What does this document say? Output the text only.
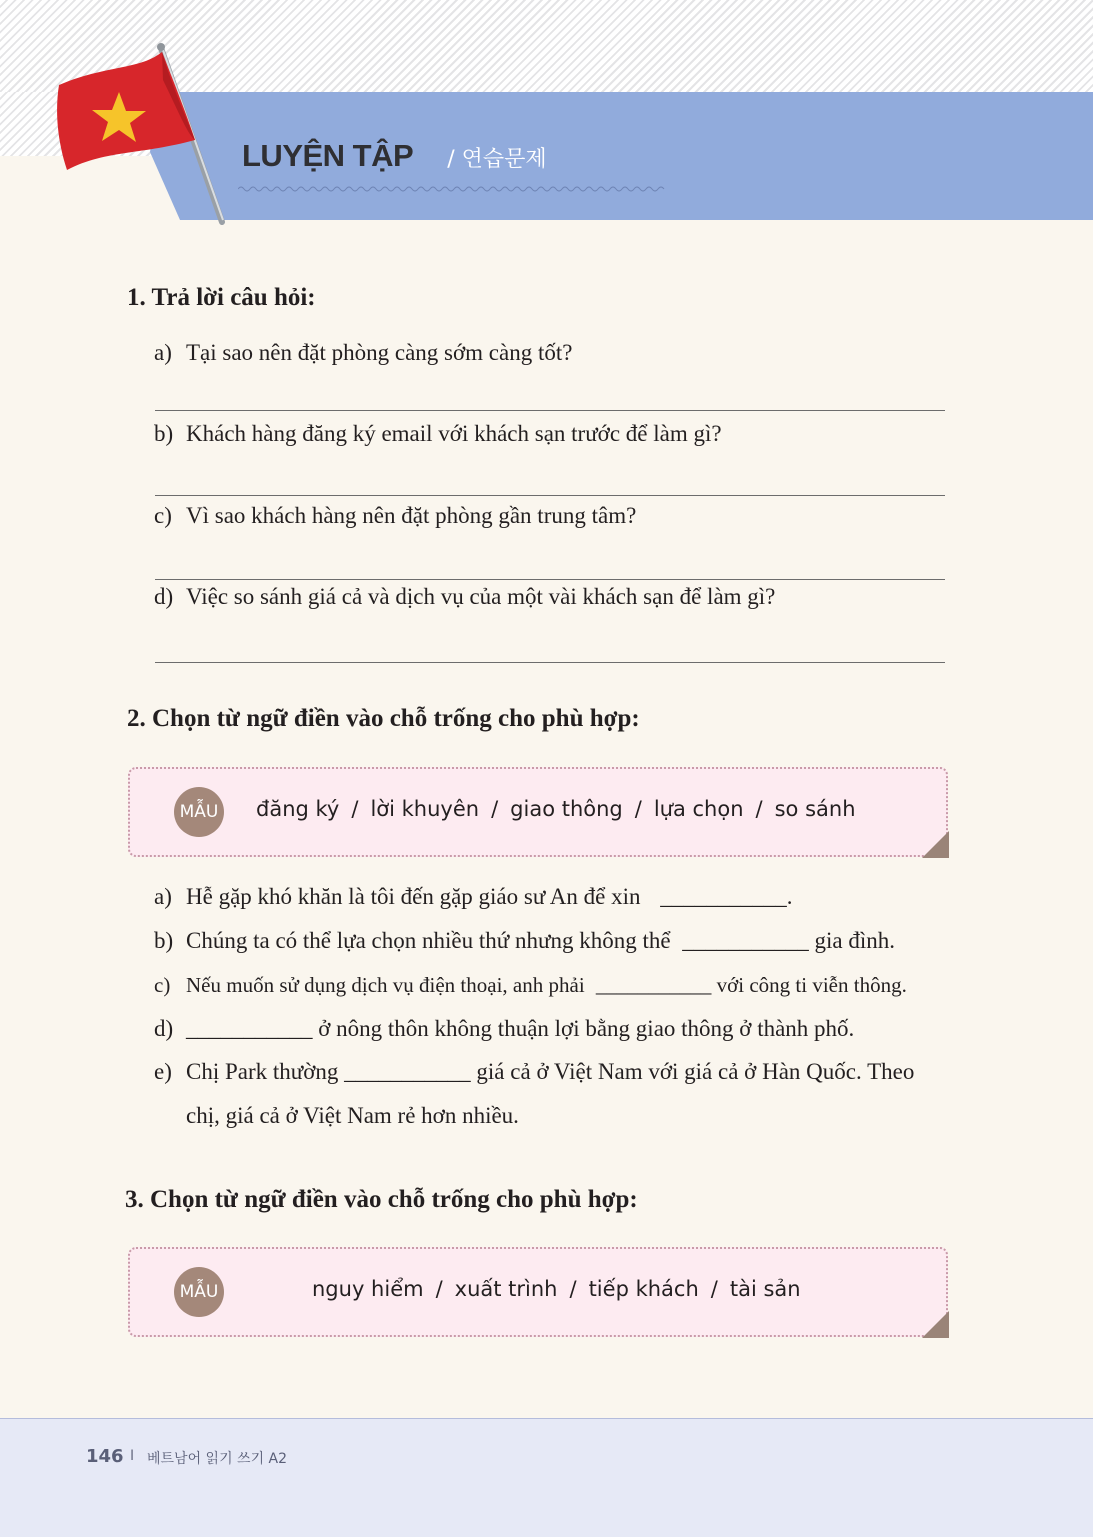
LUYỆN TẬP / 연습문제
1. Trả lời câu hỏi:
a) Tại sao nên đặt phòng càng sớm càng tốt?
b) Khách hàng đăng ký email với khách sạn trước để làm gì?
c) Vì sao khách hàng nên đặt phòng gần trung tâm?
d) Việc so sánh giá cả và dịch vụ của một vài khách sạn để làm gì?
2. Chọn từ ngữ điền vào chỗ trống cho phù hợp:
MẪU đăng ký / lời khuyên / giao thông / lựa chọn / so sánh
a) Hễ gặp khó khăn là tôi đến gặp giáo sư An để xin ___________.
b) Chúng ta có thể lựa chọn nhiều thứ nhưng không thể ___________ gia đình.
c) Nếu muốn sử dụng dịch vụ điện thoại, anh phải ___________ với công ti viễn thông.
d) ___________ ở nông thôn không thuận lợi bằng giao thông ở thành phố.
e) Chị Park thường ___________ giá cả ở Việt Nam với giá cả ở Hàn Quốc. Theo
chị, giá cả ở Việt Nam rẻ hơn nhiều.
3. Chọn từ ngữ điền vào chỗ trống cho phù hợp:
MẪU	nguy hiểm / xuất trình / tiếp khách / tài sản
146 I 베트남어 읽기 쓰기 A2
